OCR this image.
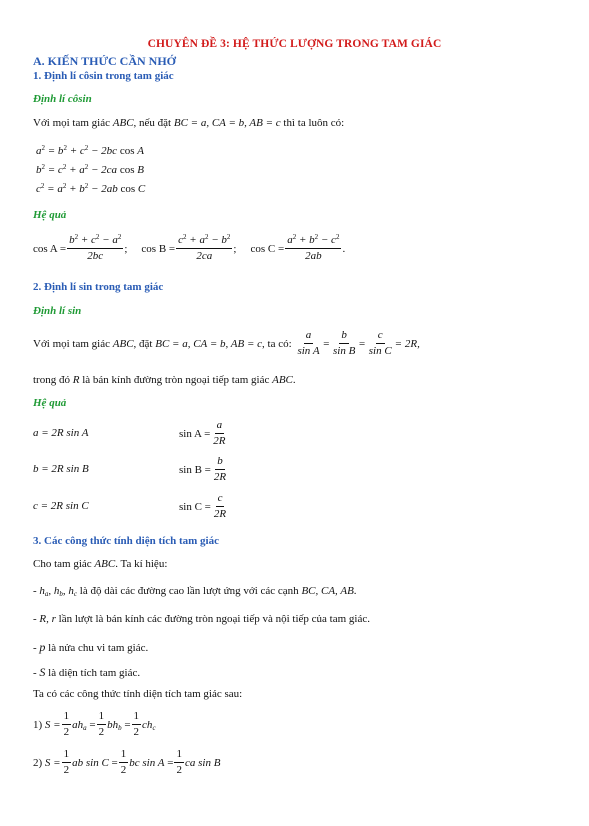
CHUYÊN ĐỀ 3: HỆ THỨC LƯỢNG TRONG TAM GIÁC
A. KIẾN THỨC CẦN NHỚ
1. Định lí côsin trong tam giác
Định lí côsin
Với mọi tam giác ABC, nếu đặt BC = a, CA = b, AB = c thì ta luôn có:
$a^2 = b^2 + c^2 - 2bc$ cos A
$b^2 = c^2 + a^2 - 2ca$ cos B
$c^2 = a^2 + b^2 - 2ab$ cos C
Hệ quả
$\cos A = \frac{b^2 + c^2 - a^2}{2bc}$ ; $\cos B = \frac{c^2 + a^2 - b^2}{2ca}$ ; $\cos C = \frac{a^2 + b^2 - c^2}{2ab}$ .
2. Định lí sin trong tam giác
Định lí sin
Với mọi tam giác
ABC , đặt
BC = a, CA = b, AB = c , ta có:
$\frac{a}{\text{sin A}} = \frac{b}{\text{sin B}} = \frac{c}{\text{sin C}} = 2R$,
trong đó R là bán kính đường tròn ngoại tiếp tam giác ABC.
Hệ quả
a = 2R sin A	$\sin A = \frac{a}{2R}$
b = 2R sin B	$\sin B = \frac{b}{2R}$
c = 2R sin C	$\sin C = \frac{c}{2R}$
3. Các công thức tính diện tích tam giác
Cho tam giác ABC. Ta kí hiệu:
- $h_a$, $h_b$, $h_c$ là độ dài các đường cao lần lượt ứng với các cạnh BC, CA, AB.
- R, r lần lượt là bán kính các đường tròn ngoại tiếp và nội tiếp của tam giác.
- p là nửa chu vi tam giác.
- S là diện tích tam giác.
Ta có các công thức tính diện tích tam giác sau:
1)
$S = \frac{1}{2} ah_a$
= $\frac{1}{2} bh_b$
= $\frac{1}{2} ch_c$
2)
$S = \frac{1}{2}$ ab sin C
= $\frac{1}{2}$ bc sin A
= $\frac{1}{2}$ ca sin B
